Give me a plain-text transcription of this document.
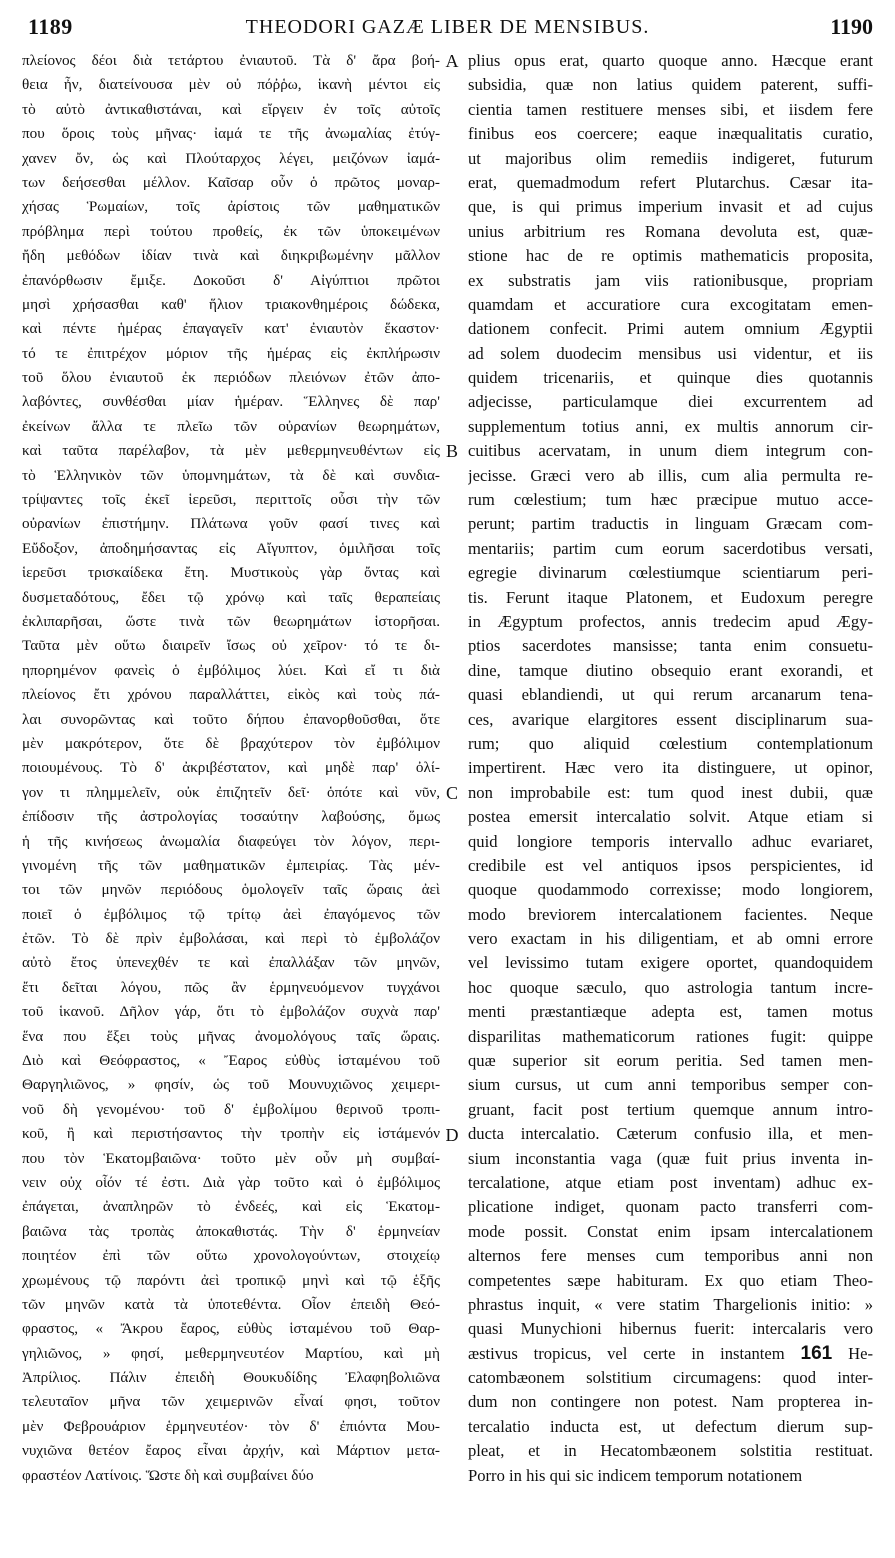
1189	THEODORI GAZÆ LIBER DE MENSIBUS.	1190
πλείονος δέοι διὰ τετάρτου ἐνιαυτοῦ. Τὰ δ' ἄρα βοή-
θεια ἦν, διατείνουσα μὲν οὐ πόῤῥω, ἱκανὴ μέντοι εἰς
τὸ αὐτὸ ἀντικαθιστάναι, καὶ εἴργειν ἐν τοῖς αὐτοῖς
που ὅροις τοὺς μῆνας· ἰαμά τε τῆς ἀνωμαλίας ἐτύγ-
χανεν ὄν, ὡς καὶ Πλούταρχος λέγει, μειζόνων ἰαμά-
των δεήσεσθαι μέλλον. Καῖσαρ οὖν ὁ πρῶτος μοναρ-
χήσας Ῥωμαίων, τοῖς ἀρίστοις τῶν μαθηματικῶν
πρόβλημα περὶ τούτου προθείς, ἐκ τῶν ὑποκειμένων
ἤδη μεθόδων ἰδίαν τινὰ καὶ διηκριβωμένην μᾶλλον
ἐπανόρθωσιν ἔμιξε. Δοκοῦσι δ' Αἰγύπτιοι πρῶτοι
μησὶ χρήσασθαι καθ' ἥλιον τριακονθημέροις δώδεκα,
καὶ πέντε ἡμέρας ἐπαγαγεῖν κατ' ἐνιαυτὸν ἕκαστον·
τό τε ἐπιτρέχον μόριον τῆς ἡμέρας εἰς ἐκπλήρωσιν
τοῦ ὅλου ἐνιαυτοῦ ἐκ περιόδων πλειόνων ἐτῶν ἀπο-
λαβόντες, συνθέσθαι μίαν ἡμέραν. Ἕλληνες δὲ παρ'
ἐκείνων ἄλλα τε πλεῖω τῶν οὐρανίων θεωρημάτων,
καὶ ταῦτα παρέλαβον, τὰ μὲν μεθερμηνευθέντων εἰς
τὸ Ἑλληνικὸν τῶν ὑπομνημάτων, τὰ δὲ καὶ συνδια-
τρίψαντες τοῖς ἐκεῖ ἱερεῦσι, περιττοῖς οὖσι τὴν τῶν
οὐρανίων ἐπιστήμην. Πλάτωνα γοῦν φασί τινες καὶ
Εὔδοξον, ἀποδημήσαντας εἰς Αἴγυπτον, ὁμιλῆσαι τοῖς
ἱερεῦσι τρισκαίδεκα ἔτη. Μυστικοὺς γὰρ ὄντας καὶ
δυσμεταδότους, ἔδει τῷ χρόνῳ καὶ ταῖς θεραπείαις
ἐκλιπαρῆσαι, ὥστε τινὰ τῶν θεωρημάτων ἱστορῆσαι.
Ταῦτα μὲν οὕτω διαιρεῖν ἴσως οὐ χεῖρον· τό τε δι-
ηπορημένον φανεὶς ὁ ἐμβόλιμος λύει. Καὶ εἴ τι διὰ
πλείονος ἔτι χρόνου παραλλάττει, εἰκὸς καὶ τοὺς πά-
λαι συνορῶντας καὶ τοῦτο δήπου ἐπανορθοῦσθαι, ὅτε
μὲν μακρότερον, ὅτε δὲ βραχύτερον τὸν ἐμβόλιμον
ποιουμένους. Τὸ δ' ἀκριβέστατον, καὶ μηδὲ παρ' ὀλί-
γον τι πλημμελεῖν, οὐκ ἐπιζητεῖν δεῖ· ὁπότε καὶ νῦν,
ἐπίδοσιν τῆς ἀστρολογίας τοσαύτην λαβούσης, ὅμως
ἡ τῆς κινήσεως ἀνωμαλία διαφεύγει τὸν λόγον, περι-
γινομένη τῆς τῶν μαθηματικῶν ἐμπειρίας. Τὰς μέν-
τοι τῶν μηνῶν περιόδους ὁμολογεῖν ταῖς ὥραις ἀεὶ
ποιεῖ ὁ ἐμβόλιμος τῷ τρίτῳ ἀεὶ ἐπαγόμενος τῶν
ἐτῶν. Τὸ δὲ πρὶν ἐμβολάσαι, καὶ περὶ τὸ ἐμβολάζον
αὐτὸ ἔτος ὑπενεχθέν τε καὶ ἐπαλλάξαν τῶν μηνῶν,
ἔτι δεῖται λόγου, πῶς ἂν ἑρμηνευόμενον τυγχάνοι
τοῦ ἱκανοῦ. Δῆλον γάρ, ὅτι τὸ ἐμβολάζον συχνὰ παρ'
ἕνα που ἕξει τοὺς μῆνας ἀνομολόγους ταῖς ὥραις.
Διὸ καὶ Θεόφραστος, « Ἔαρος εὐθὺς ἱσταμένου τοῦ
Θαργηλιῶνος, » φησίν, ὡς τοῦ Μουνυχιῶνος χειμερι-
νοῦ δὴ γενομένου· τοῦ δ' ἐμβολίμου θερινοῦ τροπι-
κοῦ, ἢ καὶ περιστήσαντος τὴν τροπὴν εἰς ἱστάμενόν
που τὸν Ἑκατομβαιῶνα· τοῦτο μὲν οὖν μὴ συμβαί-
νειν οὐχ οἷόν τέ ἐστι. Διὰ γὰρ τοῦτο καὶ ὁ ἐμβόλιμος
ἐπάγεται, ἀναπληρῶν τὸ ἐνδεές, καὶ εἰς Ἑκατομ-
βαιῶνα τὰς τροπὰς ἀποκαθιστάς. Τὴν δ' ἑρμηνείαν
ποιητέον ἐπὶ τῶν οὕτω χρονολογούντων, στοιχείῳ
χρωμένους τῷ παρόντι ἀεὶ τροπικῷ μηνὶ καὶ τῷ ἑξῆς
τῶν μηνῶν κατὰ τὰ ὑποτεθέντα. Οἷον ἐπειδὴ Θεό-
φραστος, « Ἄκρου ἔαρος, εὐθὺς ἱσταμένου τοῦ Θαρ-
γηλιῶνος, » φησί, μεθερμηνευτέον Μαρτίου, καὶ μὴ
Ἀπρίλιος. Πάλιν ἐπειδὴ Θουκυδίδης Ἐλαφηβολιῶνα
τελευταῖον μῆνα τῶν χειμερινῶν εἶναί φησι, τοῦτον
μὲν Φεβρουάριον ἑρμηνευτέον· τὸν δ' ἐπιόντα Μου-
νυχιῶνα θετέον ἔαρος εἶναι ἀρχήν, καὶ Μάρτιον μετα-
φραστέον Λατίνοις. Ὥστε δὴ καὶ συμβαίνει δύο
A
B
C
D
plius opus erat, quarto quoque anno. Hæcque erant
subsidia, quæ non latius quidem paterent, suffi-
cientia tamen restituere menses sibi, et iisdem fere
finibus eos coercere; eaque inæqualitatis curatio,
ut majoribus olim remediis indigeret, futurum
erat, quemadmodum refert Plutarchus. Cæsar ita-
que, is qui primus imperium invasit et ad cujus
unius arbitrium res Romana devoluta est, quæ-
stione hac de re optimis mathematicis proposita,
ex substratis jam viis rationibusque, propriam
quamdam et accuratiore cura excogitatam emen-
dationem confecit. Primi autem omnium Ægyptii
ad solem duodecim mensibus usi videntur, et iis
quidem tricenariis, et quinque dies quotannis
adjecisse, particulamque diei excurrentem ad
supplementum totius anni, ex multis annorum cir-
cuitibus acervatam, in unum diem integrum con-
jecisse. Græci vero ab illis, cum alia permulta re-
rum cœlestium; tum hæc præcipue mutuo acce-
perunt; partim traductis in linguam Græcam com-
mentariis; partim cum eorum sacerdotibus versati,
egregie divinarum cœlestiumque scientiarum peri-
tis. Ferunt itaque Platonem, et Eudoxum peregre
in Ægyptum profectos, annis tredecim apud Ægy-
ptios sacerdotes mansisse; tanta enim consuetu-
dine, tamque diutino obsequio erant exorandi, et
quasi eblandiendi, ut qui rerum arcanarum tena-
ces, avarique elargitores essent disciplinarum sua-
rum; quo aliquid cœlestium contemplationum
impertirent. Hæc vero ita distinguere, ut opinor,
non improbabile est: tum quod inest dubii, quæ
postea emersit intercalatio solvit. Atque etiam si
quid longiore temporis intervallo adhuc evariaret,
credibile est vel antiquos ipsos perspicientes, id
quoque quodammodo correxisse; modo longiorem,
modo breviorem intercalationem facientes. Neque
vero exactam in his diligentiam, et ab omni errore
vel levissimo tutam exigere oportet, quandoquidem
hoc quoque sæculo, quo astrologia tantum incre-
menti præstantiæque adepta est, tamen motus
disparilitas mathematicorum rationes fugit: quippe
quæ superior sit eorum peritia. Sed tamen men-
sium cursus, ut cum anni temporibus semper con-
gruant, facit post tertium quemque annum intro-
ducta intercalatio. Cæterum confusio illa, et men-
sium inconstantia vaga (quæ fuit prius inventa in-
tercalatione, atque etiam post inventam) adhuc ex-
plicatione indiget, quonam pacto transferri com-
mode possit. Constat enim ipsam intercalationem
alternos fere menses cum temporibus anni non
competentes sæpe habituram. Ex quo etiam Theo-
phrastus inquit, « vere statim Thargelionis initio: »
quasi Munychioni hibernus fuerit: intercalaris vero
æstivus tropicus, vel certe in instantem 161 He-
catombæonem solstitium circumagens: quod inter-
dum non contingere non potest. Nam propterea in-
tercalatio inducta est, ut defectum dierum sup-
pleat, et in Hecatombæonem solstitia restituat.
Porro in his qui sic indicem temporum notationem
